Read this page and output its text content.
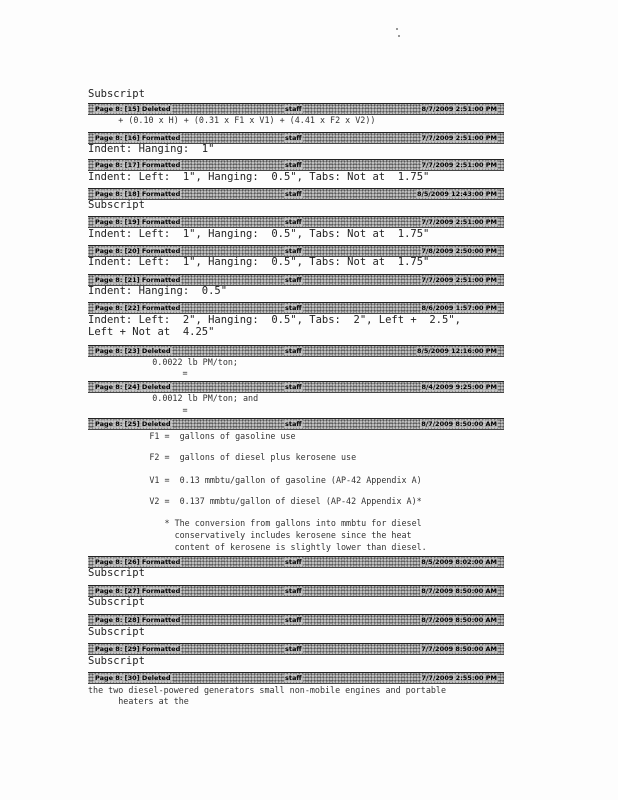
Subscript
Page 8: [15] Deleted	staff	8/7/2009 2:51:00 PM
+ (0.10 x H) + (0.31 x F1 x V1) + (4.41 x F2 x V2))
Page 8: [16] Formatted	staff	7/7/2009 2:51:00 PM
Indent: Hanging:  1"
Page 8: [17] Formatted	staff	7/7/2009 2:51:00 PM
Indent: Left:  1", Hanging:  0.5", Tabs: Not at  1.75"
Page 8: [18] Formatted	staff	8/5/2009 12:43:00 PM
Subscript
Page 8: [19] Formatted	staff	7/7/2009 2:51:00 PM
Indent: Left:  1", Hanging:  0.5", Tabs: Not at  1.75"
Page 8: [20] Formatted	staff	7/8/2009 2:50:00 PM
Indent: Left:  1", Hanging:  0.5", Tabs: Not at  1.75"
Page 8: [21] Formatted	staff	7/7/2009 2:51:00 PM
Indent: Hanging:  0.5"
Page 8: [22] Formatted	staff	8/6/2009 1:57:00 PM
Indent: Left:  2", Hanging:  0.5", Tabs:  2", Left +  2.5",
Left + Not at  4.25"
Page 8: [23] Deleted	staff	8/5/2009 12:16:00 PM
0.0022 lb PM/ton;
=
Page 8: [24] Deleted	staff	8/4/2009 9:25:00 PM
0.0012 lb PM/ton; and
=
Page 8: [25] Deleted	staff	8/7/2009 8:50:00 AM
F1 =  gallons of gasoline use
F2 =  gallons of diesel plus kerosene use
V1 =  0.13 mmbtu/gallon of gasoline (AP-42 Appendix A)
V2 =  0.137 mmbtu/gallon of diesel (AP-42 Appendix A)*
* The conversion from gallons into mmbtu for diesel
conservatively includes kerosene since the heat
content of kerosene is slightly lower than diesel.
Page 8: [26] Formatted	staff	8/5/2009 8:02:00 AM
Subscript
Page 8: [27] Formatted	staff	8/7/2009 8:50:00 AM
Subscript
Page 8: [28] Formatted	staff	8/7/2009 8:50:00 AM
Subscript
Page 8: [29] Formatted	staff	7/7/2009 8:50:00 AM
Subscript
Page 8: [30] Deleted	staff	7/7/2009 2:55:00 PM
the two diesel-powered generators small non-mobile engines and portable
heaters at the
